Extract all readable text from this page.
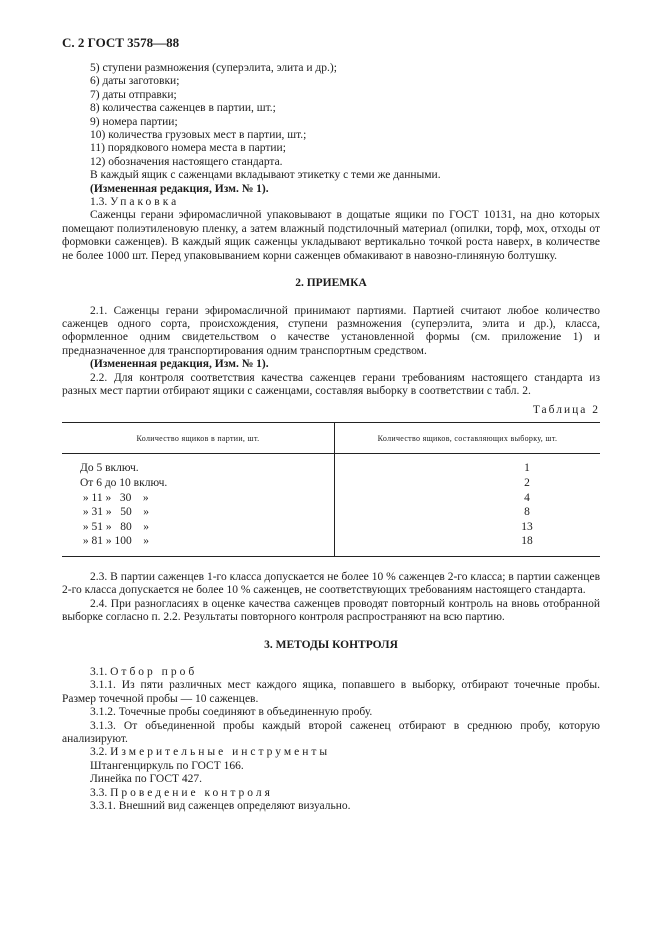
С. 2 ГОСТ 3578—88

5) ступени размножения (суперэлита, элита и др.);

6) даты заготовки;

7) даты отправки;

8) количества саженцев в партии, шт.;

9) номера партии;

10) количества грузовых мест в партии, шт.;

11) порядкового номера места в партии;

12) обозначения настоящего стандарта.

В каждый ящик с саженцами вкладывают этикетку с теми же данными.

(Измененная редакция, Изм. № 1).

1.3. Упаковка

Саженцы герани эфиромасличной упаковывают в дощатые ящики по ГОСТ 10131, на дно которых помещают полиэтиленовую пленку, а затем влажный подстилочный материал (опилки, торф, мох, отходы от формовки саженцев). В каждый ящик саженцы укладывают вертикально точкой роста наверх, в количестве не более 1000 шт. Перед упаковыванием корни саженцев обмакивают в навозно-глиняную болтушку.

2. ПРИЕМКА

2.1. Саженцы герани эфиромасличной принимают партиями. Партией считают любое количество саженцев одного сорта, происхождения, ступени размножения (суперэлита, элита и др.), класса, оформленное одним свидетельством о качестве установленной формы (см. приложение 1) и предназначенное для транспортирования одним транспортным средством.

(Измененная редакция, Изм. № 1).

2.2. Для контроля соответствия качества саженцев герани требованиям настоящего стандарта из разных мест партии отбирают ящики с саженцами, составляя выборку в соответствии с табл. 2.

Таблица 2

Количество ящиков в партии, шт.	Количество ящиков, составляющих выборку, шт.
До 5 включ.	1
От 6 до 10 включ.	2
» 11 »   30    »	4
» 31 »   50    »	8
» 51 »   80    »	13
» 81 » 100    »	18

2.3. В партии саженцев 1-го класса допускается не более 10 % саженцев 2-го класса; в партии саженцев 2-го класса допускается не более 10 % саженцев, не соответствующих требованиям настоящего стандарта.

2.4. При разногласиях в оценке качества саженцев проводят повторный контроль на вновь отобранной выборке согласно п. 2.2. Результаты повторного контроля распространяют на всю партию.

3. МЕТОДЫ КОНТРОЛЯ

3.1. Отбор проб

3.1.1. Из пяти различных мест каждого ящика, попавшего в выборку, отбирают точечные пробы. Размер точечной пробы — 10 саженцев.

3.1.2. Точечные пробы соединяют в объединенную пробу.

3.1.3. От объединенной пробы каждый второй саженец отбирают в среднюю пробу, которую анализируют.

3.2. Измерительные инструменты

Штангенциркуль по ГОСТ 166.

Линейка по ГОСТ 427.

3.3. Проведение контроля

3.3.1. Внешний вид саженцев определяют визуально.
